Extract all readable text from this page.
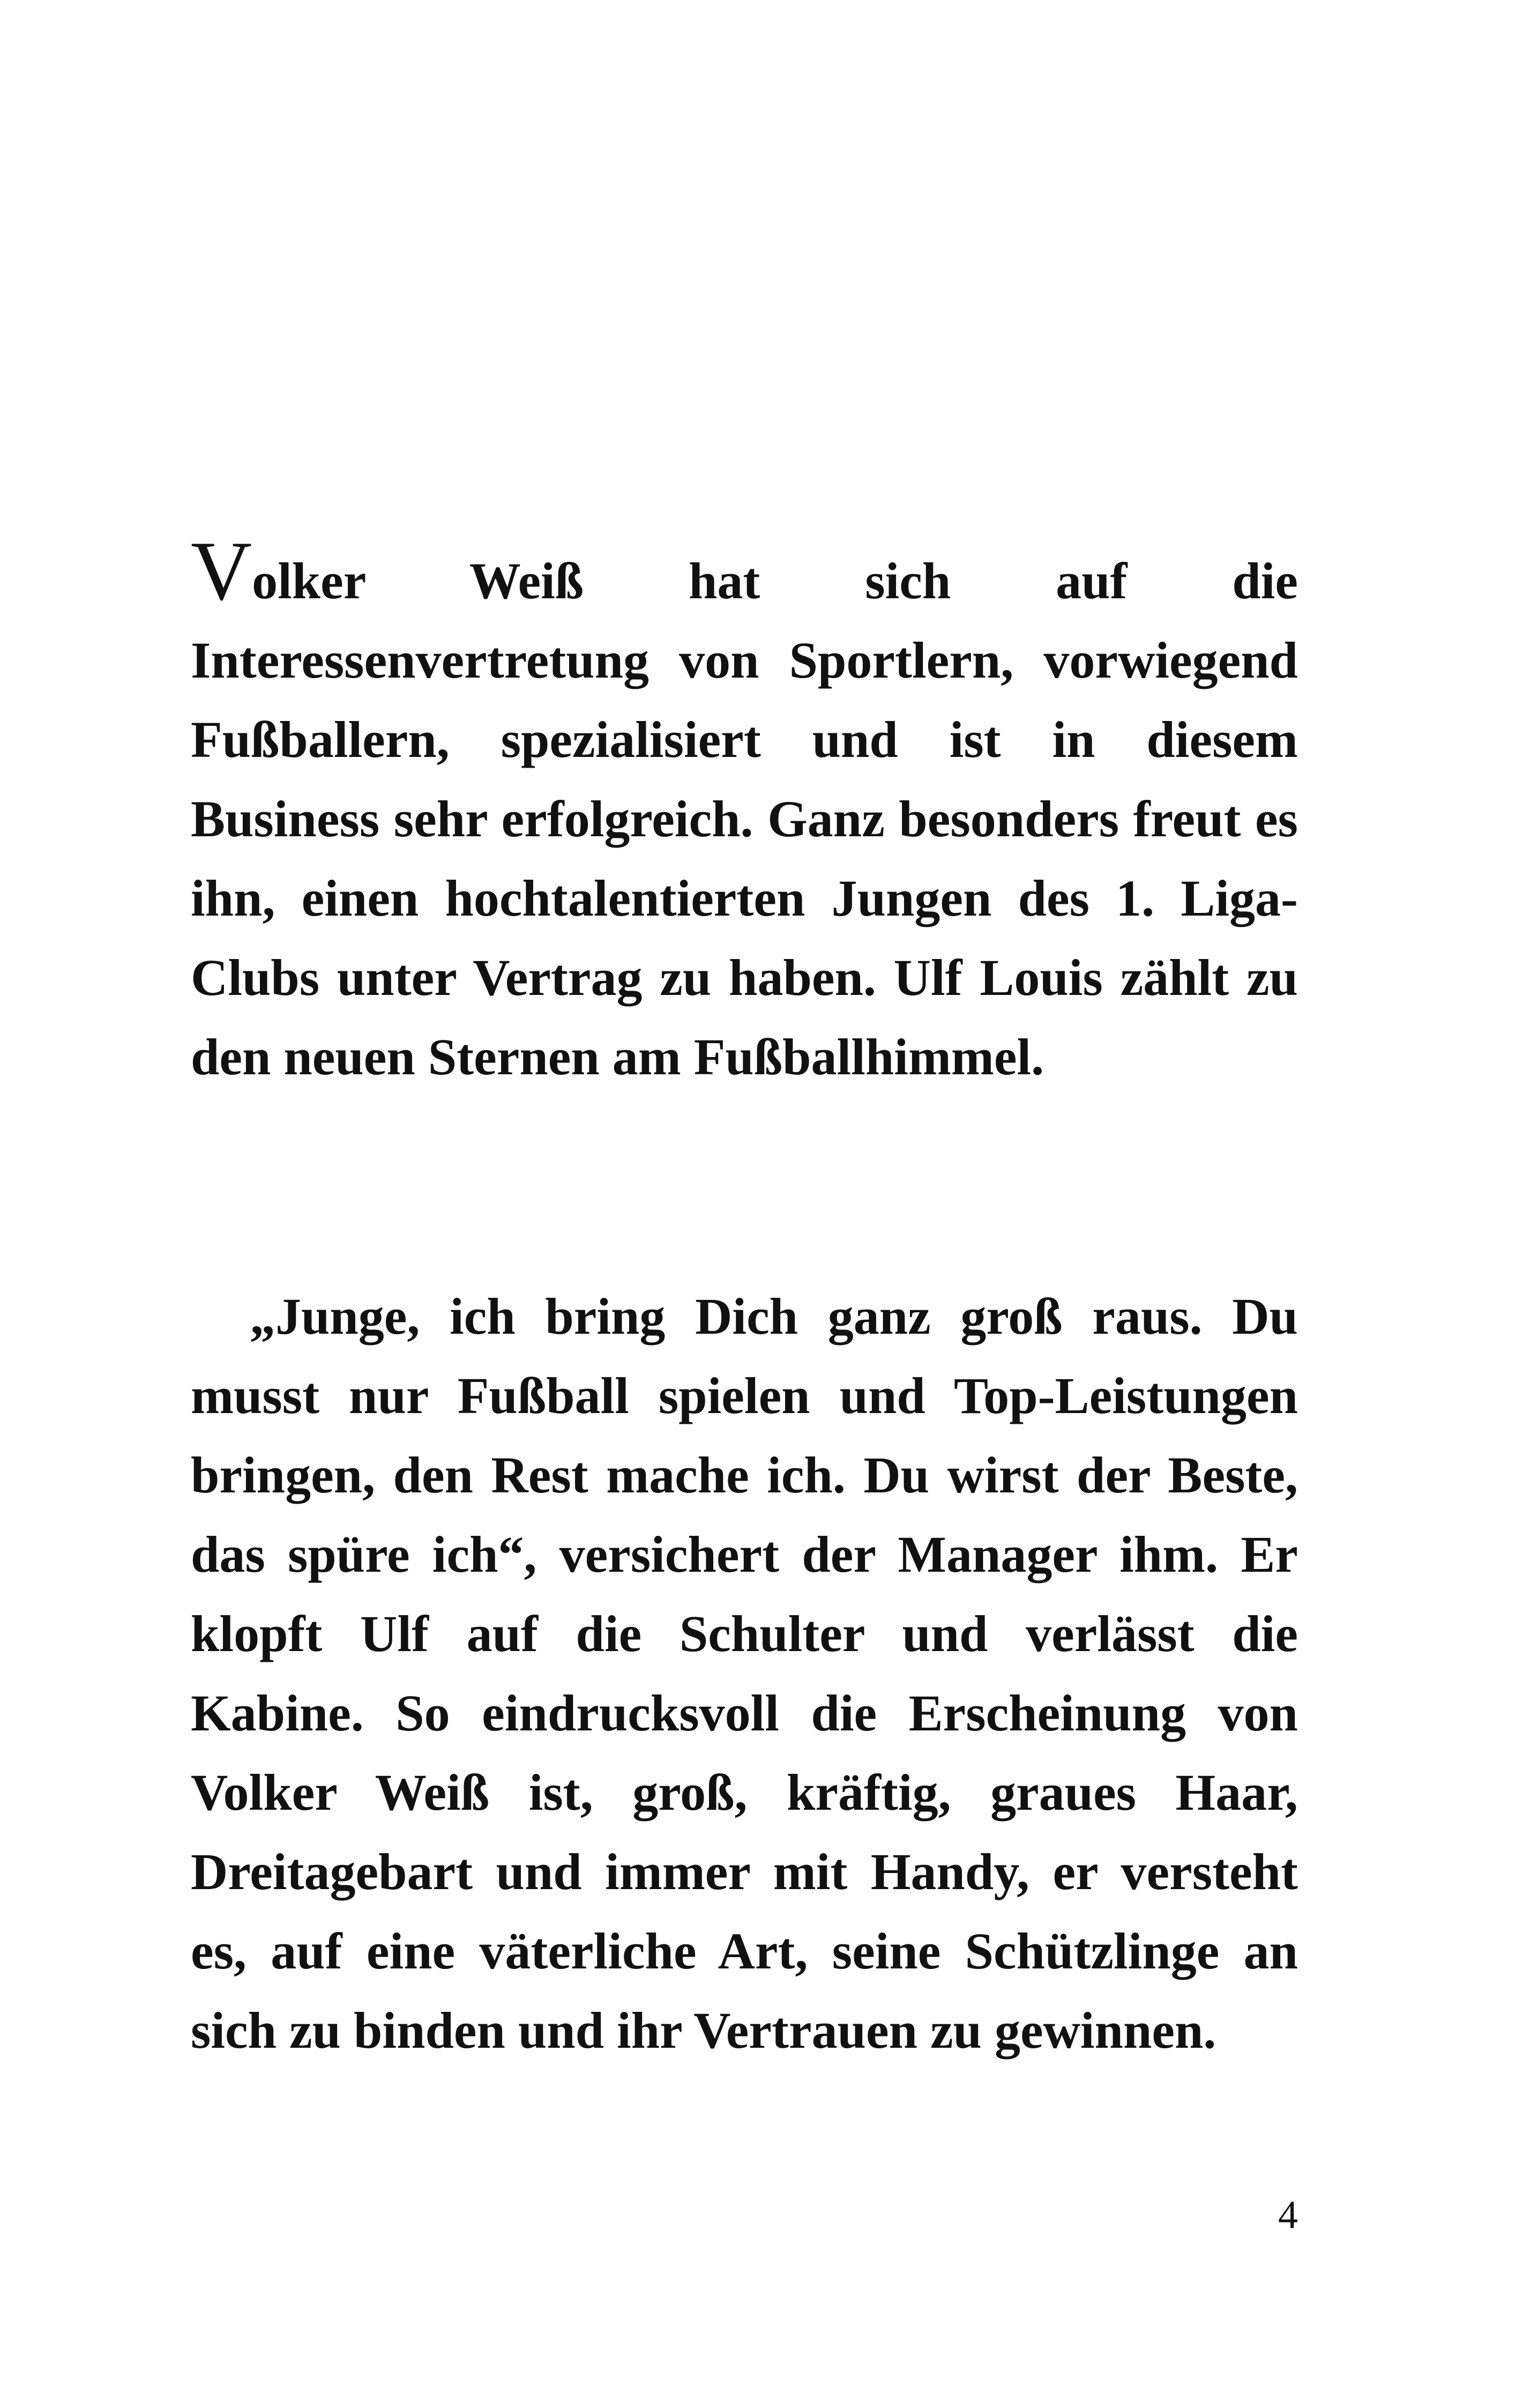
Volker Weiß hat sich auf die Interessenvertretung von Sportlern, vorwiegend Fußballern, spezialisiert und ist in diesem Business sehr erfolgreich. Ganz besonders freut es ihn, einen hochtalentierten Jungen des 1. Liga-Clubs unter Vertrag zu haben. Ulf Louis zählt zu den neuen Sternen am Fußballhimmel.

„Junge, ich bring Dich ganz groß raus. Du musst nur Fußball spielen und Top-Leistungen bringen, den Rest mache ich. Du wirst der Beste, das spüre ich“, versichert der Manager ihm. Er klopft Ulf auf die Schulter und verlässt die Kabine. So eindrucksvoll die Erscheinung von Volker Weiß ist, groß, kräftig, graues Haar, Dreitagebart und immer mit Handy, er versteht es, auf eine väterliche Art, seine Schützlinge an sich zu binden und ihr Vertrauen zu gewinnen.

4
